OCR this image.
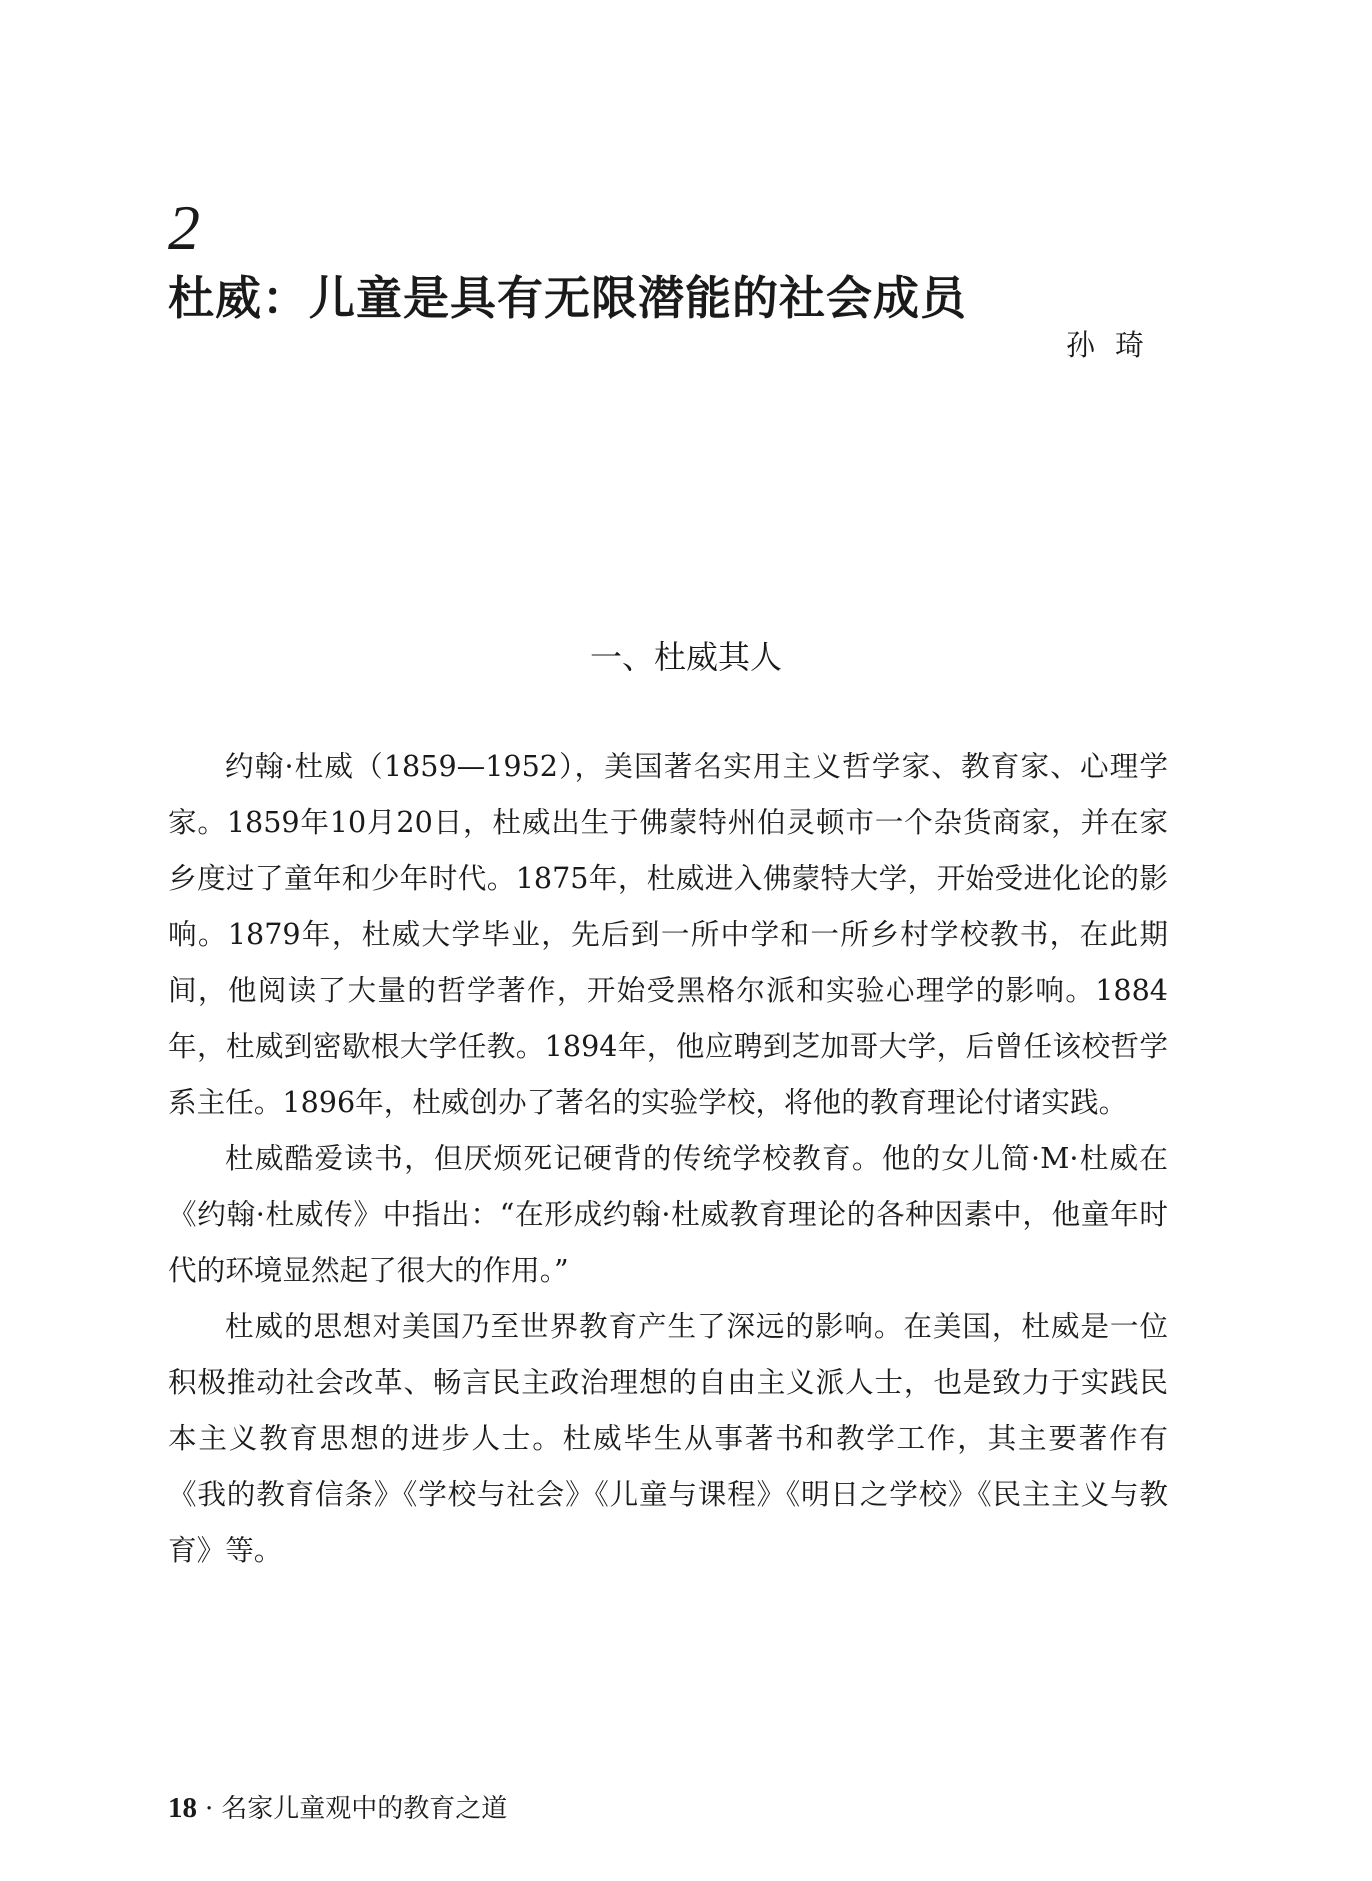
2
杜威：儿童是具有无限潜能的社会成员
孙琦
一、杜威其人

约翰·杜威（1859—1952），美国著名实用主义哲学家、教育家、心理学家。1859年10月20日，杜威出生于佛蒙特州伯灵顿市一个杂货商家，并在家乡度过了童年和少年时代。1875年，杜威进入佛蒙特大学，开始受进化论的影响。1879年，杜威大学毕业，先后到一所中学和一所乡村学校教书，在此期间，他阅读了大量的哲学著作，开始受黑格尔派和实验心理学的影响。1884年，杜威到密歇根大学任教。1894年，他应聘到芝加哥大学，后曾任该校哲学系主任。1896年，杜威创办了著名的实验学校，将他的教育理论付诸实践。

杜威酷爱读书，但厌烦死记硬背的传统学校教育。他的女儿简·M·杜威在《约翰·杜威传》中指出：“在形成约翰·杜威教育理论的各种因素中，他童年时代的环境显然起了很大的作用。”

杜威的思想对美国乃至世界教育产生了深远的影响。在美国，杜威是一位积极推动社会改革、畅言民主政治理想的自由主义派人士，也是致力于实践民本主义教育思想的进步人士。杜威毕生从事著书和教学工作，其主要著作有《我的教育信条》《学校与社会》《儿童与课程》《明日之学校》《民主主义与教育》等。

18 · 名家儿童观中的教育之道
